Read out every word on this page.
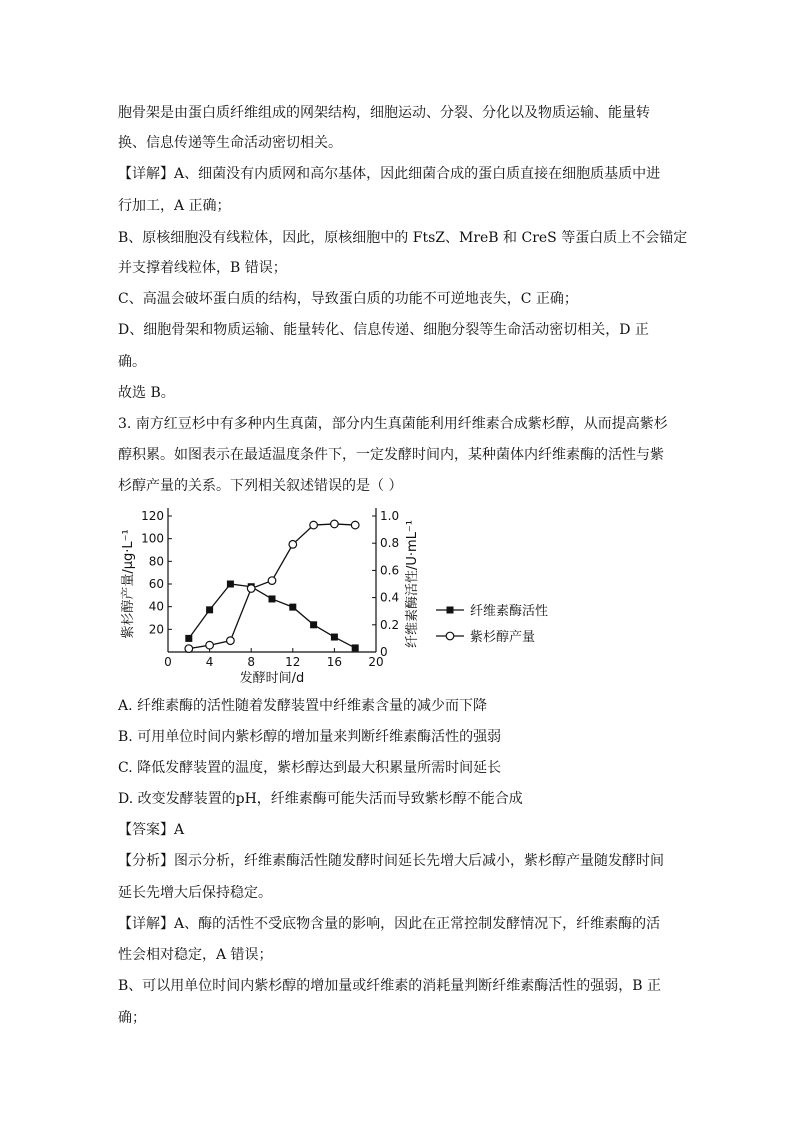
胞骨架是由蛋白质纤维组成的网架结构，细胞运动、分裂、分化以及物质运输、能量转
换、信息传递等生命活动密切相关。
【详解】A、细菌没有内质网和高尔基体，因此细菌合成的蛋白质直接在细胞质基质中进
行加工，A 正确；
B、原核细胞没有线粒体，因此，原核细胞中的 FtsZ、MreB 和 CreS 等蛋白质上不会锚定
并支撑着线粒体，B 错误；
C、高温会破坏蛋白质的结构，导致蛋白质的功能不可逆地丧失，C 正确；
D、细胞骨架和物质运输、能量转化、信息传递、细胞分裂等生命活动密切相关，D 正
确。
故选 B。
3. 南方红豆杉中有多种内生真菌，部分内生真菌能利用纤维素合成紫杉醇，从而提高紫杉
醇积累。如图表示在最适温度条件下，一定发酵时间内，某种菌体内纤维素酶的活性与紫
杉醇产量的关系。下列相关叙述错误的是（ ）
0	4	8	12 16 20
20
40
60
80
100
120
0
0.2
0.4
0.6
0.8
1.0
发酵时间/d
紫杉醇产量/μg·L⁻¹	纤维素酶活性/U·mL⁻¹	纤维素酶活性
紫杉醇产量
A. 纤维素酶的活性随着发酵装置中纤维素含量的减少而下降
B. 可用单位时间内紫杉醇的增加量来判断纤维素酶活性的强弱
C. 降低发酵装置的温度，紫杉醇达到最大积累量所需时间延长
D. 改变发酵装置的pH，纤维素酶可能失活而导致紫杉醇不能合成
【答案】A
【分析】图示分析，纤维素酶活性随发酵时间延长先增大后减小，紫杉醇产量随发酵时间
延长先增大后保持稳定。
【详解】A、酶的活性不受底物含量的影响，因此在正常控制发酵情况下，纤维素酶的活
性会相对稳定，A 错误；
B、可以用单位时间内紫杉醇的增加量或纤维素的消耗量判断纤维素酶活性的强弱，B 正
确；
